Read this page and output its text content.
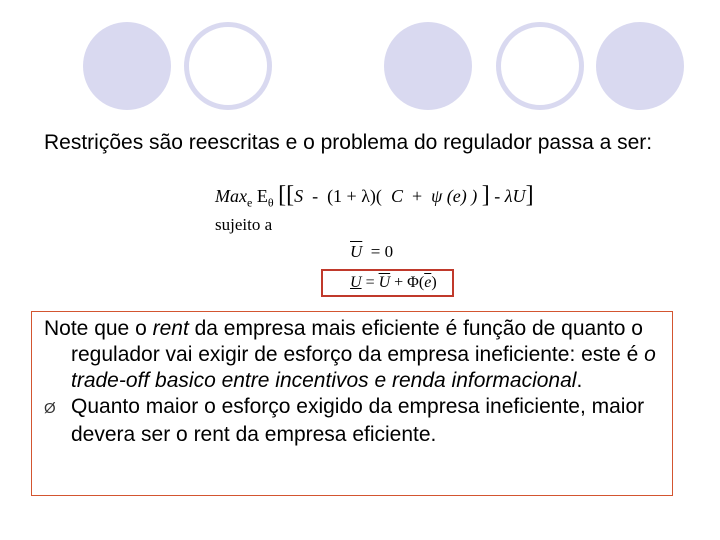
Restrições são reescritas e o problema do regulador passa a ser:
Max$_e$ $E_\theta$ [[S - (1 + λ)( C + ψ (e) ) ] - λU]
sujeito a
$\overline{U} = 0$
$U = \overline{U} + \Phi(\overline{e})$

Note que o rent da empresa mais eficiente é função de quanto o regulador vai exigir de esforço da empresa ineficiente: este é o trade-off basico entre incentivos e renda informacional.

Ø Quanto maior o esforço exigido da empresa ineficiente, maior devera ser o rent da empresa eficiente.
